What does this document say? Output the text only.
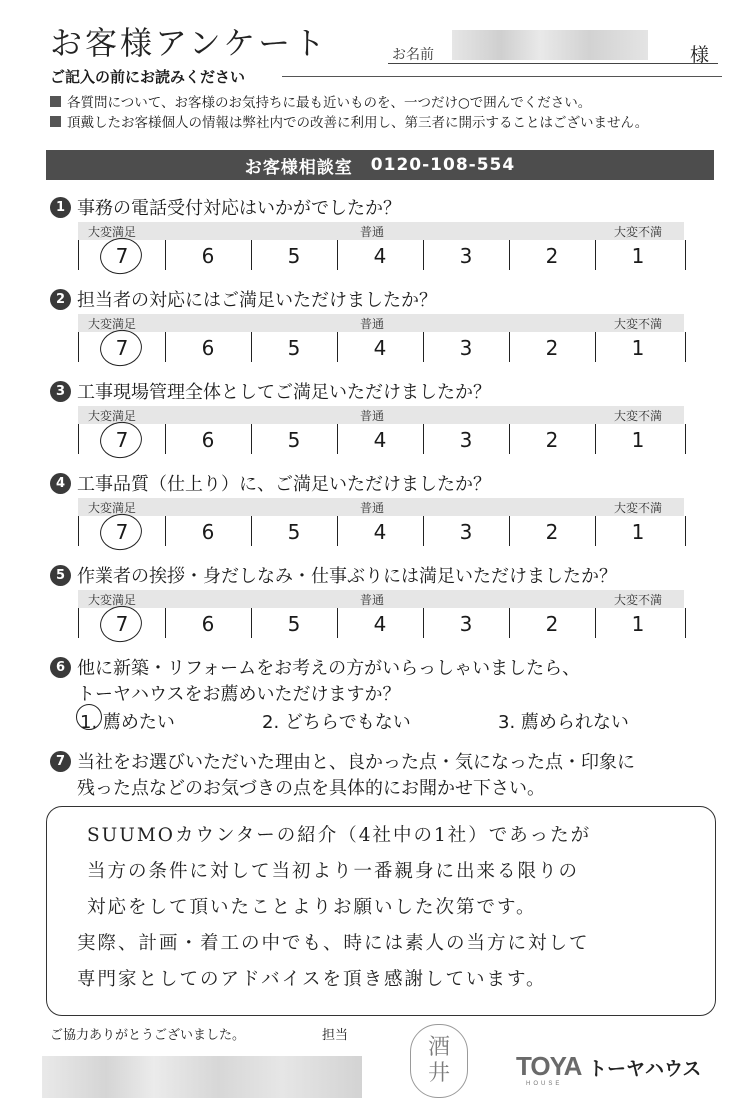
お客様アンケート	お名前	様
ご記入の前にお読みください
各質問について、お客様のお気持ちに最も近いものを、一つだけ○で囲んでください。
頂戴したお客様個人の情報は弊社内での改善に利用し、第三者に開示することはございません。
お客様相談室 0120-108-554
1 事務の電話受付対応はいかがでしたか？
大変満足	普通	大変不満
7	6	5	4	3	2	1
2 担当者の対応にはご満足いただけましたか？
大変満足	普通	大変不満
7	6	5	4	3	2	1
3 工事現場管理全体としてご満足いただけましたか？
大変満足	普通	大変不満
7	6	5	4	3	2	1
4 工事品質（仕上り）に、ご満足いただけましたか？
大変満足	普通	大変不満
7	6	5	4	3	2	1
5 作業者の挨拶・身だしなみ・仕事ぶりには満足いただけましたか？
大変満足	普通	大変不満
7	6	5	4	3	2	1
6 他に新築・リフォームをお考えの方がいらっしゃいましたら、
トーヤハウスをお薦めいただけますか？
1. 薦めたい	2. どちらでもない	3. 薦められない
7 当社をお選びいただいた理由と、良かった点・気になった点・印象に
残った点などのお気づきの点を具体的にお聞かせ下さい。
SUUMOカウンターの紹介（4社中の1社）であったが
当方の条件に対して当初より一番親身に出来る限りの
対応をして頂いたことよりお願いした次第です。
実際、計画・着工の中でも、時には素人の当方に対して
専門家としてのアドバイスを頂き感謝しています。
ご協力ありがとうございました。	担当	酒
井	TOYA
HOUSE
トーヤハウス
